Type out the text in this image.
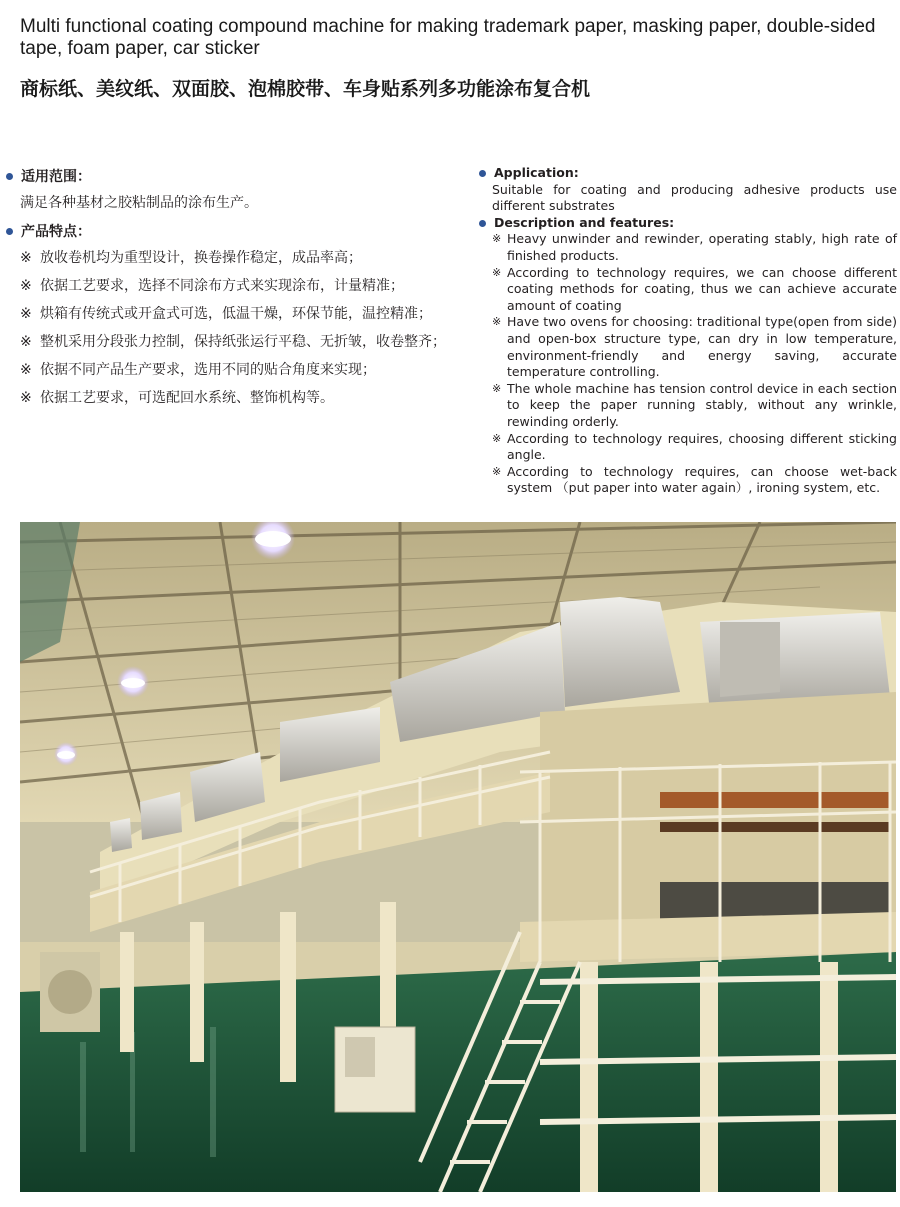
Multi functional coating compound machine for making trademark paper, masking paper, double-sided tape, foam paper, car sticker
商标纸、美纹纸、双面胶、泡棉胶带、车身贴系列多功能涂布复合机
适用范围：
满足各种基材之胶粘制品的涂布生产。
产品特点：
※ 放收卷机均为重型设计，换卷操作稳定，成品率高；
※ 依据工艺要求，选择不同涂布方式来实现涂布，计量精准；
※ 烘箱有传统式或开盒式可选，低温干燥，环保节能，温控精准；
※ 整机采用分段张力控制，保持纸张运行平稳、无折皱，收卷整齐；
※ 依据不同产品生产要求，选用不同的贴合角度来实现；
※ 依据工艺要求，可选配回水系统、整饰机构等。
Application:
Suitable for coating and producing adhesive products use different substrates
Description and features:
※ Heavy unwinder and rewinder, operating stably, high rate of finished products.
※ According to technology requires, we can choose different coating methods for coating, thus we can achieve accurate amount of coating
※ Have two ovens for choosing: traditional type(open from side) and open-box structure type, can dry in low temperature, environment-friendly and energy saving, accurate temperature controlling.
※ The whole machine has tension control device in each section to keep the paper running stably, without any wrinkle, rewinding orderly.
※ According to technology requires, choosing different sticking angle.
※ According to technology requires, can choose wet-back system （put paper into water again）, ironing system, etc.
